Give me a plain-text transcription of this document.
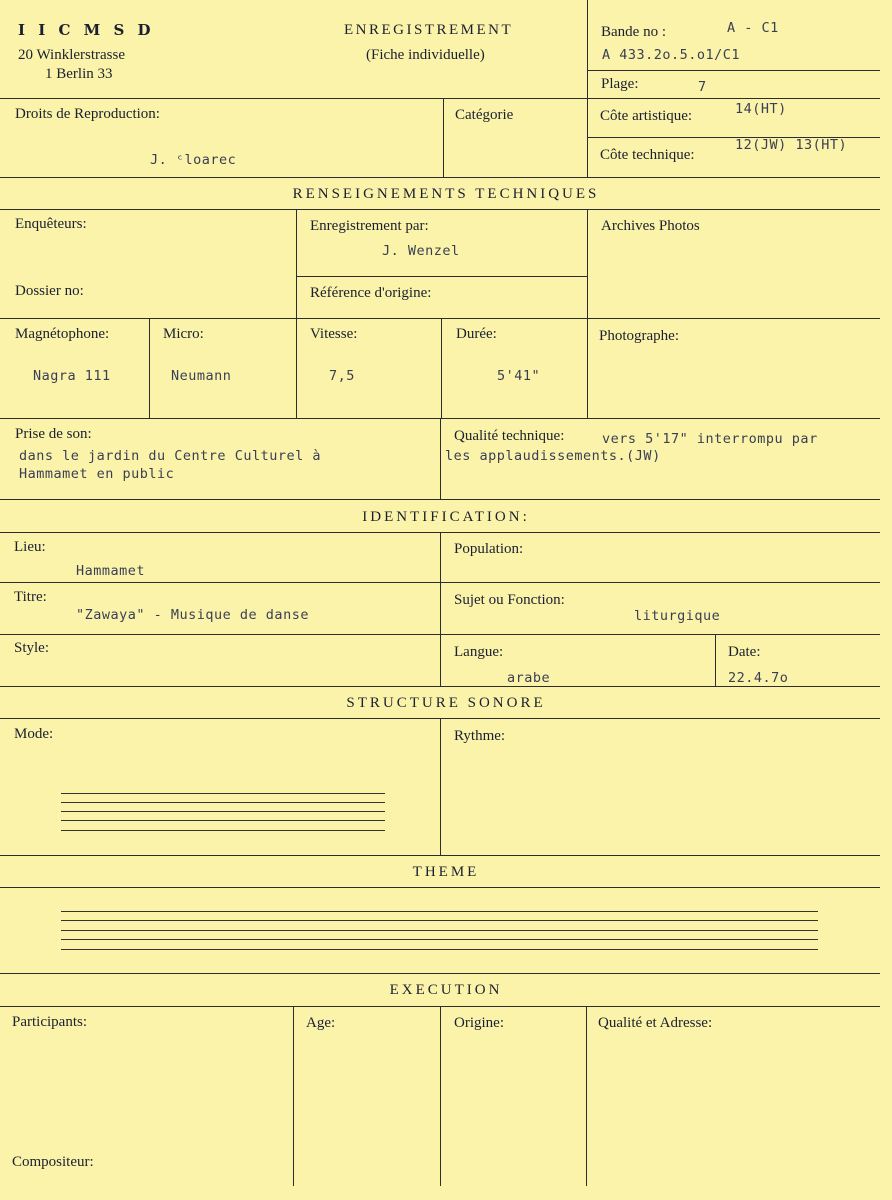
I I C M S D
20 Winklerstrasse
1 Berlin 33
ENREGISTREMENT
(Fiche individuelle)
Bande no :	A - C1
A 433.2o.5.o1/C1
Plage:	7
Droits de Reproduction:
J. ᶜloarec
Catégorie	Côte artistique:	14(HT)
Côte technique:
12(JW) 13(HT)
RENSEIGNEMENTS TECHNIQUES
Enquêteurs:	Enregistrement par:
J. Wenzel
Archives Photos
Dossier no:	Référence d'origine:
Magnétophone:
Nagra 111
Micro:
Neumann
Vitesse:
7,5
Durée:
5'41"
Photographe:
Prise de son:
dans le jardin du Centre Culturel à
Hammamet en public
Qualité technique:	vers 5'17" interrompu par
les applaudissements.(JW)
IDENTIFICATION:
Lieu:
Hammamet
Population:
Titre:
"Zawaya" - Musique de danse
Sujet ou Fonction:
liturgique
Style:	Langue:
arabe
Date:
22.4.7o
STRUCTURE SONORE
Mode:	Rythme:
THEME
EXECUTION
Participants:	Age:	Origine:	Qualité et Adresse:
Compositeur:
